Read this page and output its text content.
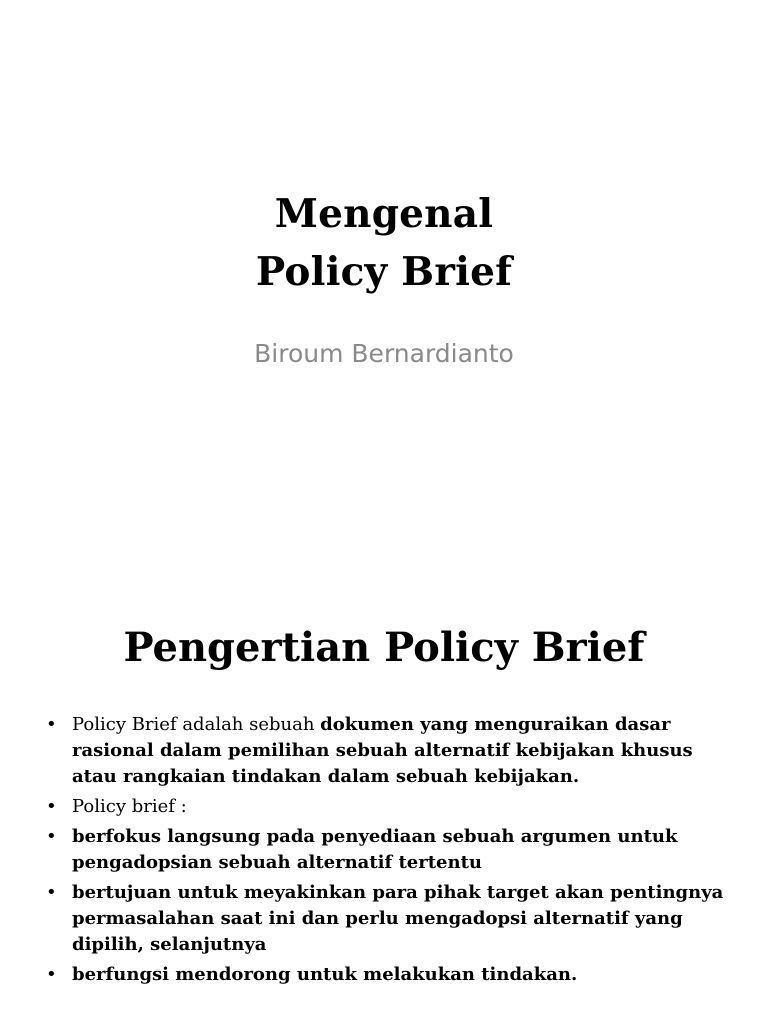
Mengenal
Policy Brief
Biroum Bernardianto
Pengertian Policy Brief
• Policy Brief adalah sebuah dokumen yang menguraikan dasar rasional dalam pemilihan sebuah alternatif kebijakan khusus atau rangkaian tindakan dalam sebuah kebijakan.
• Policy brief :
• berfokus langsung pada penyediaan sebuah argumen untuk pengadopsian sebuah alternatif tertentu
• bertujuan untuk meyakinkan para pihak target akan pentingnya permasalahan saat ini dan perlu mengadopsi alternatif yang dipilih, selanjutnya
• berfungsi mendorong untuk melakukan tindakan.
